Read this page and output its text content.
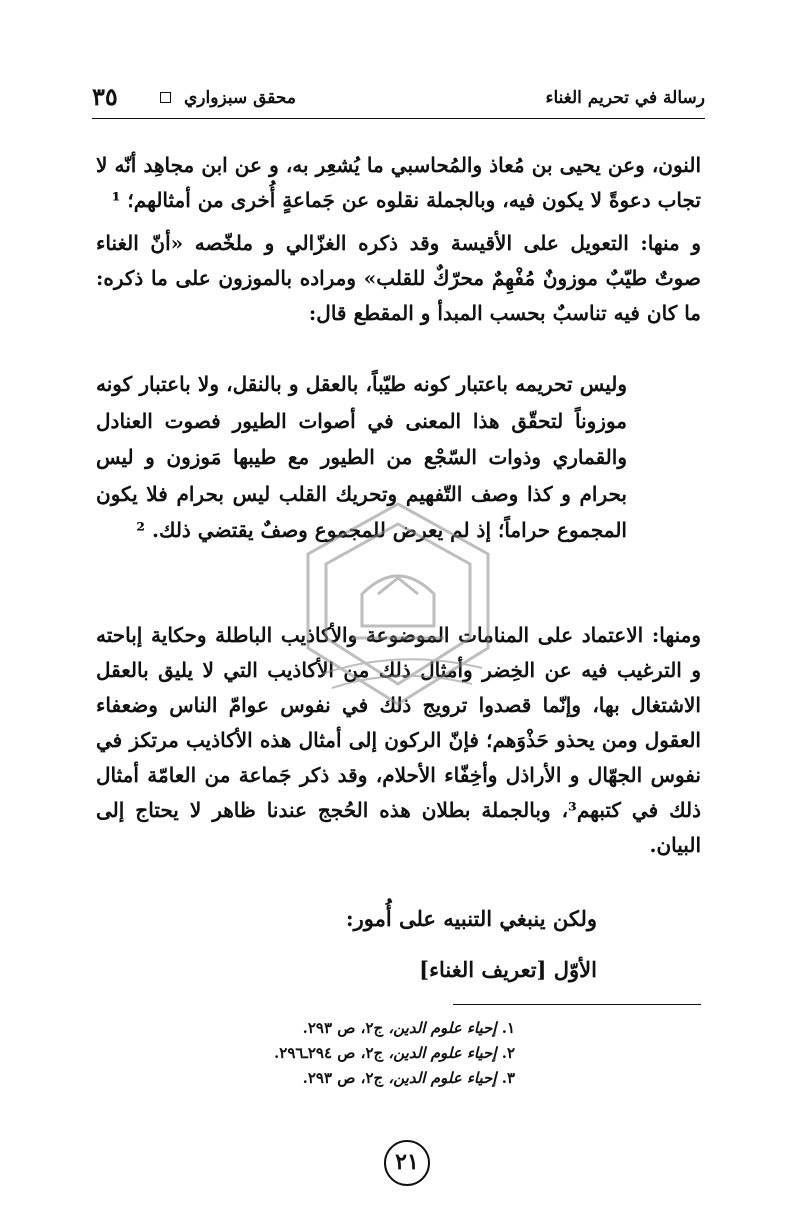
رسالة في تحريم الغناء
محقق سبزواري
٣٥
النون، وعن يحيى بن مُعاذ والمُحاسبي ما يُشعِر به، و عن ابن مجاهِد أنّه لا تجاب دعوةً لا يكون فيه، وبالجملة نقلوه عن جَماعةٍ أُخرى من أمثالهم؛ ¹
و منها: التعويل على الأقيسة وقد ذكره الغزّالي و ملخّصه «أنّ الغناء صوتٌ طيّبٌ موزونٌ مُفْهِمٌ محرّكٌ للقلب» ومراده بالموزون على ما ذكره: ما كان فيه تناسبٌ بحسب المبدأ و المقطع قال:
وليس تحريمه باعتبار كونه طيّباً، بالعقل و بالنقل، ولا باعتبار كونه موزوناً لتحقّق هذا المعنى في أصوات الطيور فصوت العنادل والقماري وذوات السّجْع من الطيور مع طيبها مَوزون و ليس بحرام و كذا وصف التّفهيم وتحريك القلب ليس بحرام فلا يكون المجموع حراماً؛ إذ لم يعرض للمجموع وصفٌ يقتضي ذلك. ²
ومنها: الاعتماد على المنامات الموضوعة والأكاذيب الباطلة وحكاية إباحته و الترغيب فيه عن الخِضر وأمثال ذلك من الأكاذيب التي لا يليق بالعقل الاشتغال بها، وإنّما قصدوا ترويج ذلك في نفوس عوامّ الناس وضعفاء العقول ومن يحذو حَذْوَهم؛ فإنّ الركون إلى أمثال هذه الأكاذيب مرتكز في نفوس الجهّال و الأراذل وأخِفّاء الأحلام، وقد ذكر جَماعة من العامّة أمثال ذلك في كتبهم³، وبالجملة بطلان هذه الحُجج عندنا ظاهر لا يحتاج إلى البيان.
ولكن ينبغي التنبيه على أُمور:
الأوّل [تعريف الغناء]
١. إحياء علوم الدين، ج٢، ص ٢٩٣.
٢. إحياء علوم الدين، ج٢، ص ٢٩٤ـ٢٩٦.
٣. إحياء علوم الدين، ج٢، ص ٢٩٣.
٢١
